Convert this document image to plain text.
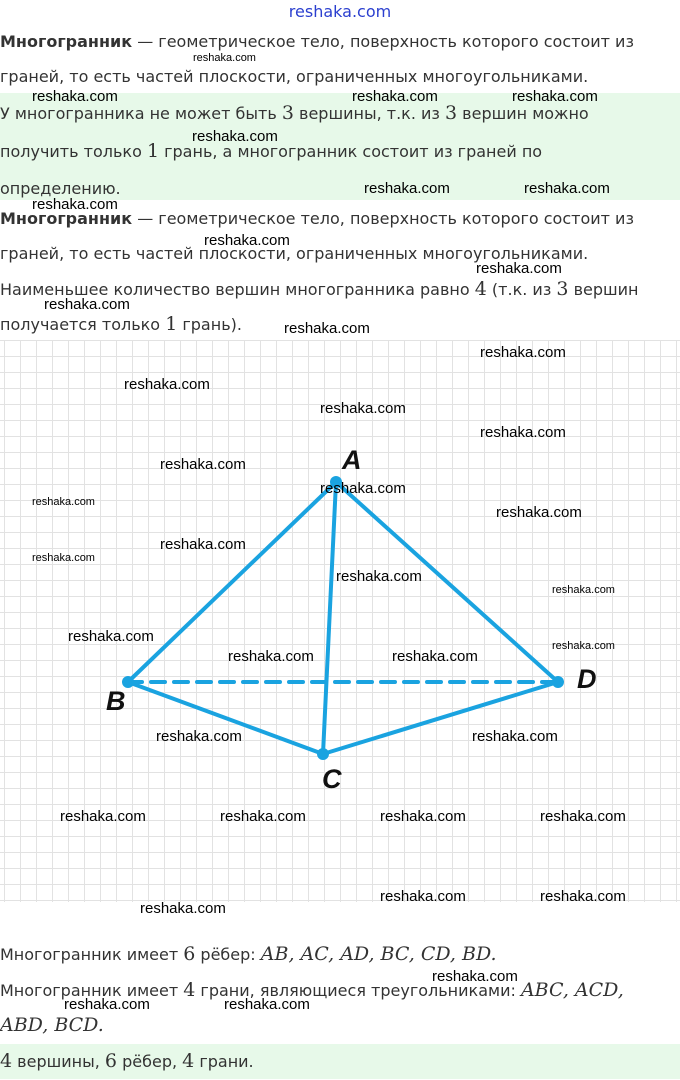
reshaka.com

Многогранник — геометрическое тело, поверхность которого состоит из

граней, то есть частей плоскости, ограниченных многоугольниками.

У многогранника не может быть 3 вершины, т.к. из 3 вершин можно

получить только 1 грань, а многогранник состоит из граней по

определению.

Многогранник — геометрическое тело, поверхность которого состоит из

граней, то есть частей плоскости, ограниченных многоугольниками.

Наименьшее количество вершин многогранника равно 4 (т.к. из 3 вершин

получается только 1 грань).

A
B
C
D

Многогранник имеет 6 рёбер: AB, AC, AD, BC, CD, BD.

Многогранник имеет 4 грани, являющиеся треугольниками: ABC, ACD,

ABD, BCD.

4 вершины, 6 рёбер, 4 грани.

reshaka.com
reshaka.com	reshaka.com	reshaka.com
reshaka.com
reshaka.com	reshaka.com
reshaka.com
reshaka.com
reshaka.com
reshaka.com
reshaka.com
reshaka.com
reshaka.com
reshaka.com
reshaka.com
reshaka.com
reshaka.com
reshaka.com
reshaka.com
reshaka.com
reshaka.com
reshaka.com
reshaka.com
reshaka.com
reshaka.com
reshaka.com	reshaka.com
reshaka.com	reshaka.com
reshaka.com	reshaka.com	reshaka.com	reshaka.com
reshaka.com	reshaka.com
reshaka.com
reshaka.com
reshaka.com	reshaka.com
